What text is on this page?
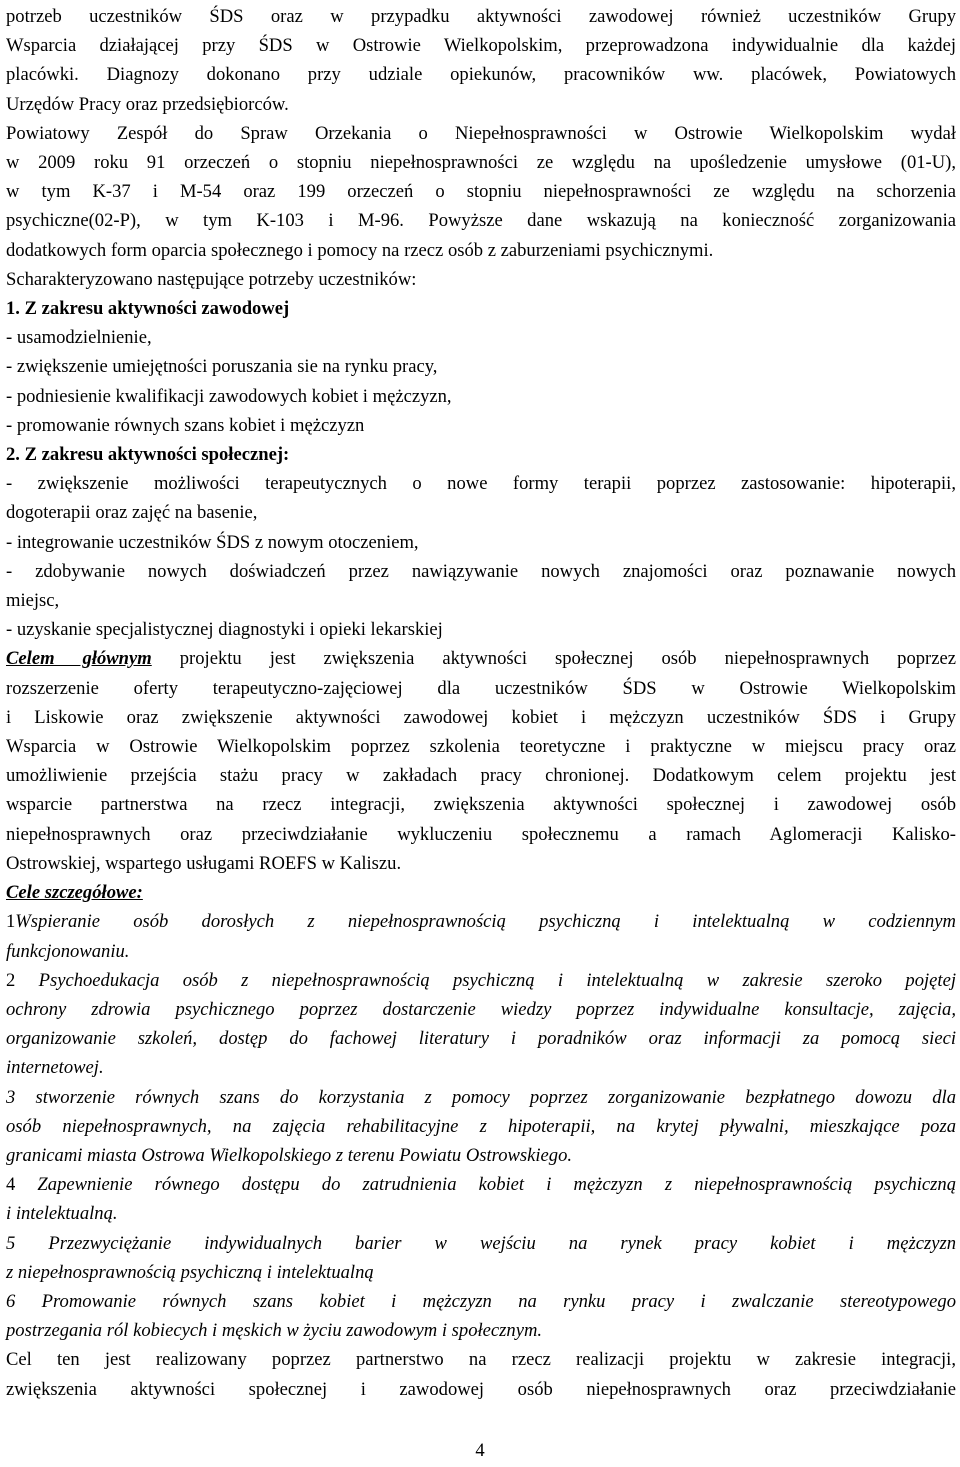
potrzeb uczestników ŚDS oraz w przypadku aktywności zawodowej również uczestników Grupy

Wsparcia działającej przy ŚDS w Ostrowie Wielkopolskim, przeprowadzona indywidualnie dla każdej

placówki. Diagnozy dokonano przy udziale opiekunów, pracowników ww. placówek, Powiatowych

Urzędów Pracy oraz przedsiębiorców.

Powiatowy Zespół do Spraw Orzekania o Niepełnosprawności w Ostrowie Wielkopolskim wydał

w 2009 roku 91 orzeczeń o stopniu niepełnosprawności ze względu na upośledzenie umysłowe (01-U),

w tym K-37 i M-54 oraz 199 orzeczeń o stopniu niepełnosprawności ze względu na schorzenia

psychiczne(02-P), w tym K-103 i M-96. Powyższe dane wskazują na konieczność zorganizowania

dodatkowych form oparcia społecznego i pomocy na rzecz osób z zaburzeniami psychicznymi.

Scharakteryzowano następujące potrzeby uczestników:

1. Z zakresu aktywności zawodowej

- usamodzielnienie,

- zwiększenie umiejętności poruszania sie na rynku pracy,

- podniesienie kwalifikacji zawodowych kobiet i mężczyzn,

- promowanie równych szans kobiet i mężczyzn

2. Z zakresu aktywności społecznej:

- zwiększenie możliwości terapeutycznych o nowe formy terapii poprzez zastosowanie: hipoterapii,

dogoterapii oraz zajęć na basenie,

- integrowanie uczestników ŚDS z nowym otoczeniem,

- zdobywanie nowych doświadczeń przez nawiązywanie nowych znajomości oraz poznawanie nowych

miejsc,

- uzyskanie specjalistycznej diagnostyki i opieki lekarskiej

Celem głównym projektu jest zwiększenia aktywności społecznej osób niepełnosprawnych poprzez

rozszerzenie oferty terapeutyczno-zajęciowej dla uczestników ŚDS w Ostrowie Wielkopolskim

i Liskowie oraz zwiększenie aktywności zawodowej kobiet i mężczyzn uczestników ŚDS i Grupy

Wsparcia w Ostrowie Wielkopolskim poprzez szkolenia teoretyczne i praktyczne w miejscu pracy oraz

umożliwienie przejścia stażu pracy w zakładach pracy chronionej. Dodatkowym celem projektu jest

wsparcie partnerstwa na rzecz integracji, zwiększenia aktywności społecznej i zawodowej osób

niepełnosprawnych oraz przeciwdziałanie wykluczeniu społecznemu a ramach Aglomeracji Kalisko-

Ostrowskiej, wspartego usługami ROEFS w Kaliszu.

Cele szczegółowe:

1Wspieranie osób dorosłych z niepełnosprawnością psychiczną i intelektualną w codziennym

funkcjonowaniu.

2 Psychoedukacja osób z niepełnosprawnością psychiczną i intelektualną w zakresie szeroko pojętej

ochrony zdrowia psychicznego poprzez dostarczenie wiedzy poprzez indywidualne konsultacje, zajęcia,

organizowanie szkoleń, dostęp do fachowej literatury i poradników oraz informacji za pomocą sieci

internetowej.

3 stworzenie równych szans do korzystania z pomocy poprzez zorganizowanie bezpłatnego dowozu dla

osób niepełnosprawnych, na zajęcia rehabilitacyjne z hipoterapii, na krytej pływalni, mieszkające poza

granicami miasta Ostrowa Wielkopolskiego z terenu Powiatu Ostrowskiego.

4 Zapewnienie równego dostępu do zatrudnienia kobiet i mężczyzn z niepełnosprawnością psychiczną

i intelektualną.

5 Przezwyciężanie indywidualnych barier w wejściu na rynek pracy kobiet i mężczyzn

z niepełnosprawnością psychiczną i intelektualną

6 Promowanie równych szans kobiet i mężczyzn na rynku pracy i zwalczanie stereotypowego

postrzegania ról kobiecych i męskich w życiu zawodowym i społecznym.

Cel ten jest realizowany poprzez partnerstwo na rzecz realizacji projektu w zakresie integracji,

zwiększenia aktywności społecznej i zawodowej osób niepełnosprawnych oraz przeciwdziałanie

4
